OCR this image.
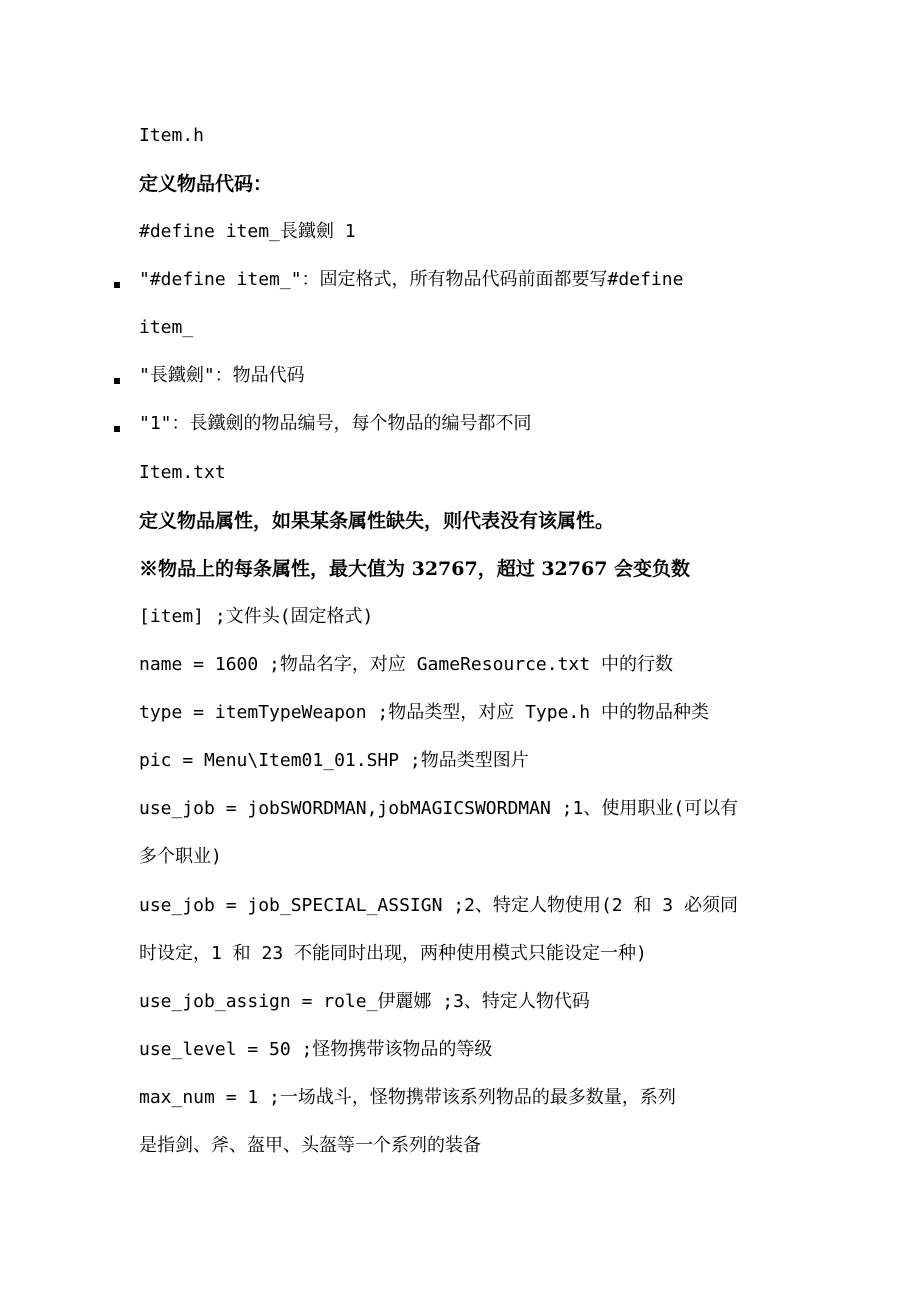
Item.h
定义物品代码：
#define item_長鐵劍 1
"#define item_"：固定格式，所有物品代码前面都要写#define
item_
"長鐵劍"：物品代码
"1"：長鐵劍的物品编号，每个物品的编号都不同
Item.txt
定义物品属性，如果某条属性缺失，则代表没有该属性。
※物品上的每条属性，最大值为 32767，超过 32767 会变负数
[item] ;文件头(固定格式)
name = 1600 ;物品名字，对应 GameResource.txt 中的行数
type = itemTypeWeapon ;物品类型，对应 Type.h 中的物品种类
pic = Menu\Item01_01.SHP ;物品类型图片
use_job = jobSWORDMAN,jobMAGICSWORDMAN ;1、使用职业(可以有
多个职业)
use_job = job_SPECIAL_ASSIGN ;2、特定人物使用(2 和 3 必须同
时设定，1 和 23 不能同时出现，两种使用模式只能设定一种)
use_job_assign = role_伊麗娜 ;3、特定人物代码
use_level = 50 ;怪物携带该物品的等级
max_num = 1 ;一场战斗，怪物携带该系列物品的最多数量，系列
是指剑、斧、盔甲、头盔等一个系列的装备
